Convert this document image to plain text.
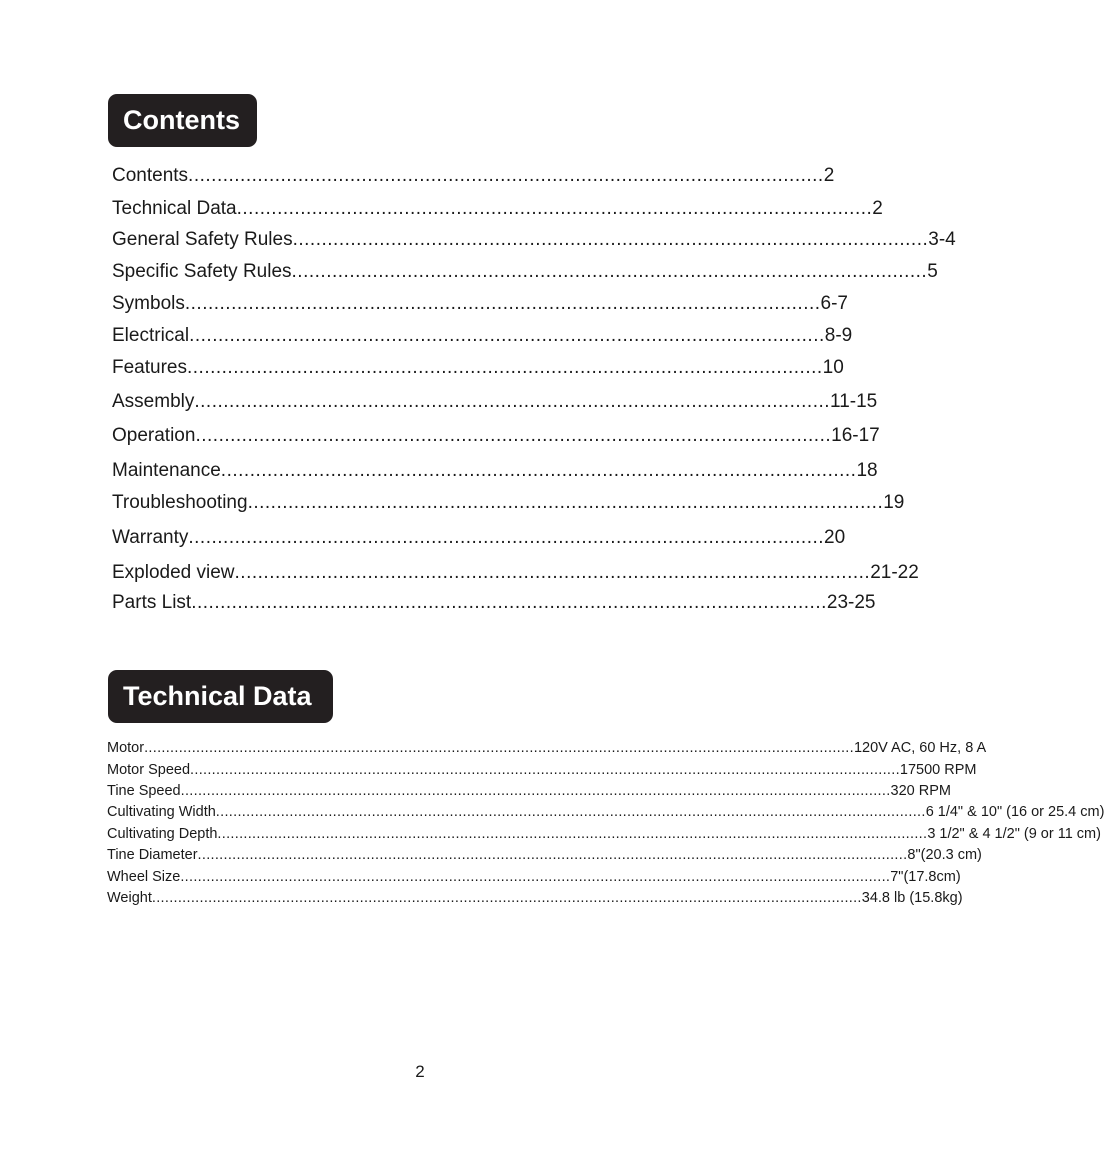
Contents
Contents .............................................................................................................. 2
Technical Data .............................................................................................................. 2
General Safety Rules .............................................................................................................. 3-4
Specific Safety Rules .............................................................................................................. 5
Symbols .............................................................................................................. 6-7
Electrical .............................................................................................................. 8-9
Features .............................................................................................................. 10
Assembly .............................................................................................................. 11-15
Operation .............................................................................................................. 16-17
Maintenance .............................................................................................................. 18
Troubleshooting .............................................................................................................. 19
Warranty .............................................................................................................. 20
Exploded view .............................................................................................................. 21-22
Parts List .............................................................................................................. 23-25
Technical Data
Motor .................................................................................................................................................................... 120V AC, 60 Hz, 8 A
Motor Speed .................................................................................................................................................................... 17500 RPM
Tine Speed .................................................................................................................................................................... 320 RPM
Cultivating Width .................................................................................................................................................................... 6 1/4" & 10" (16 or 25.4 cm)
Cultivating Depth .................................................................................................................................................................... 3 1/2" & 4 1/2" (9 or 11 cm)
Tine Diameter .................................................................................................................................................................... 8"(20.3 cm)
Wheel Size .................................................................................................................................................................... 7"(17.8cm)
Weight .................................................................................................................................................................... 34.8 lb (15.8kg)
2
